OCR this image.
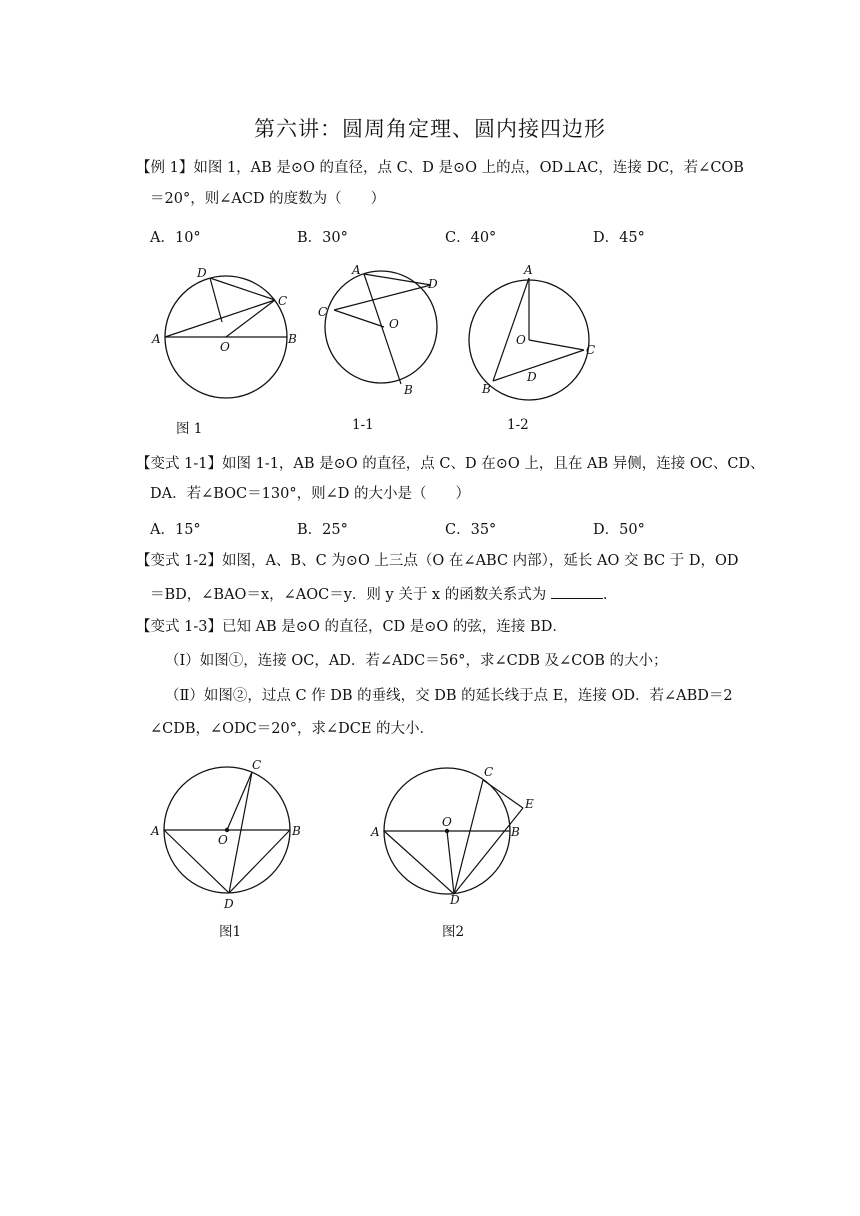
第六讲：圆周角定理、圆内接四边形
【例 1】如图 1，AB 是⊙O 的直径，点 C、D 是⊙O 上的点，OD⊥AC，连接 DC，若∠COB
＝20°，则∠ACD 的度数为（　　）
A．10°	B．30°	C．40°	D．45°
D
C
A
O
B
A
D
C
O
B
A
O
C
D
B
图 1	1-1	1-2
【变式 1-1】如图 1-1，AB 是⊙O 的直径，点 C、D 在⊙O 上，且在 AB 异侧，连接 OC、CD、
DA．若∠BOC＝130°，则∠D 的大小是（　　）
A．15°	B．25°	C．35°	D．50°
【变式 1-2】如图，A、B、C 为⊙O 上三点（O 在∠ABC 内部），延长 AO 交 BC 于 D，OD
＝BD，∠BAO＝x，∠AOC＝y．则 y 关于 x 的函数关系式为	．
【变式 1-3】已知 AB 是⊙O 的直径，CD 是⊙O 的弦，连接 BD．
（Ⅰ）如图①，连接 OC，AD．若∠ADC＝56°，求∠CDB 及∠COB 的大小；
（Ⅱ）如图②，过点 C 作 DB 的垂线，交 DB 的延长线于点 E，连接 OD．若∠ABD＝2
∠CDB，∠ODC＝20°，求∠DCE 的大小．
C
A
O
B
D
C
E
A
O
B
D
图1	图2
